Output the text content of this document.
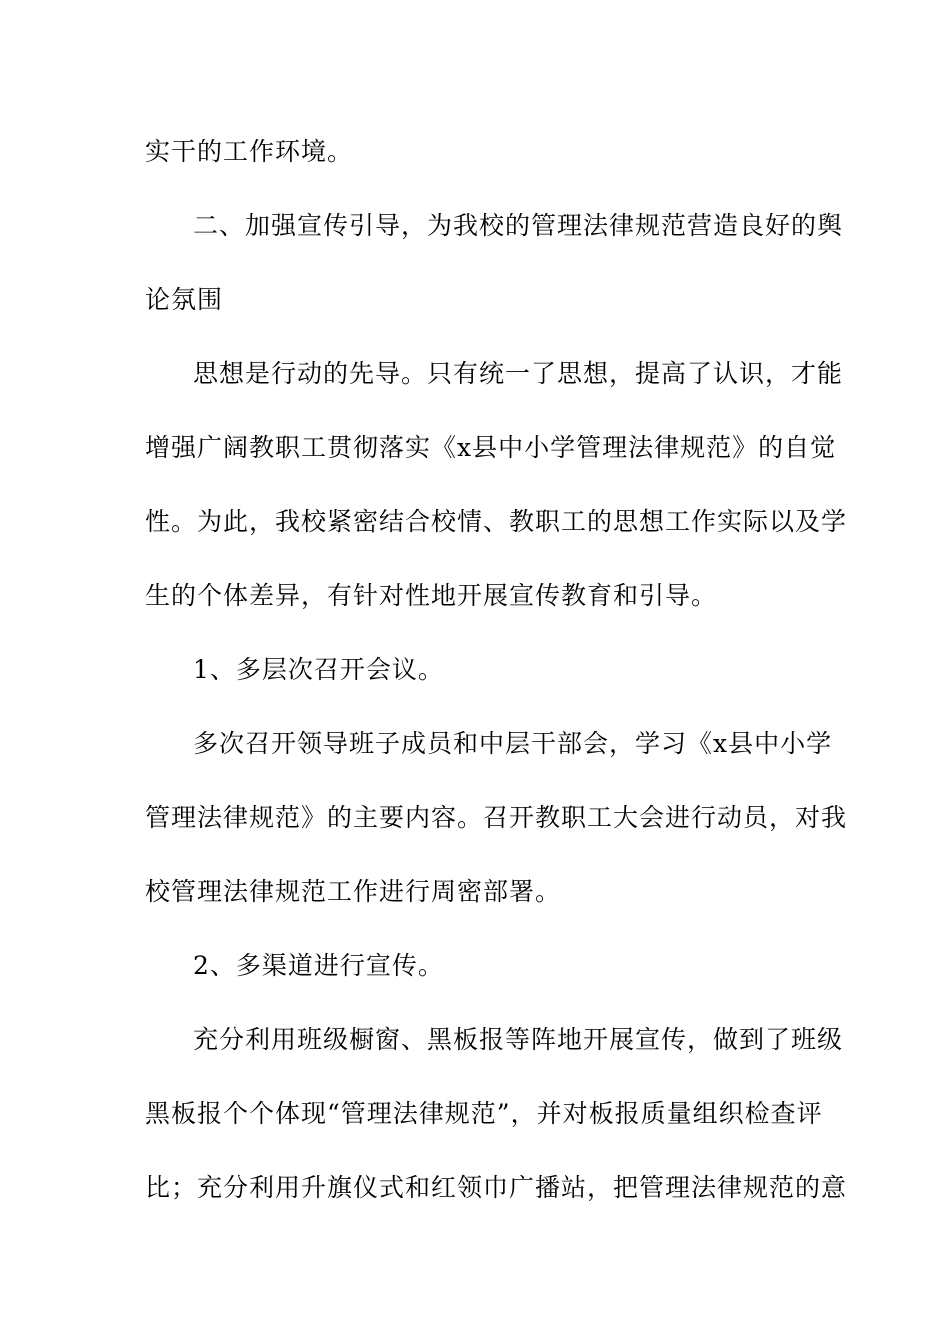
实干的工作环境。
二、加强宣传引导，为我校的管理法律规范营造良好的舆
论氛围
思想是行动的先导。只有统一了思想，提高了认识，才能
增强广阔教职工贯彻落实《x县中小学管理法律规范》的自觉
性。为此，我校紧密结合校情、教职工的思想工作实际以及学
生的个体差异，有针对性地开展宣传教育和引导。
1、多层次召开会议。
多次召开领导班子成员和中层干部会，学习《x县中小学
管理法律规范》的主要内容。召开教职工大会进行动员，对我
校管理法律规范工作进行周密部署。
2、多渠道进行宣传。
充分利用班级橱窗、黑板报等阵地开展宣传，做到了班级
黑板报个个体现“管理法律规范”，并对板报质量组织检查评
比；充分利用升旗仪式和红领巾广播站，把管理法律规范的意
